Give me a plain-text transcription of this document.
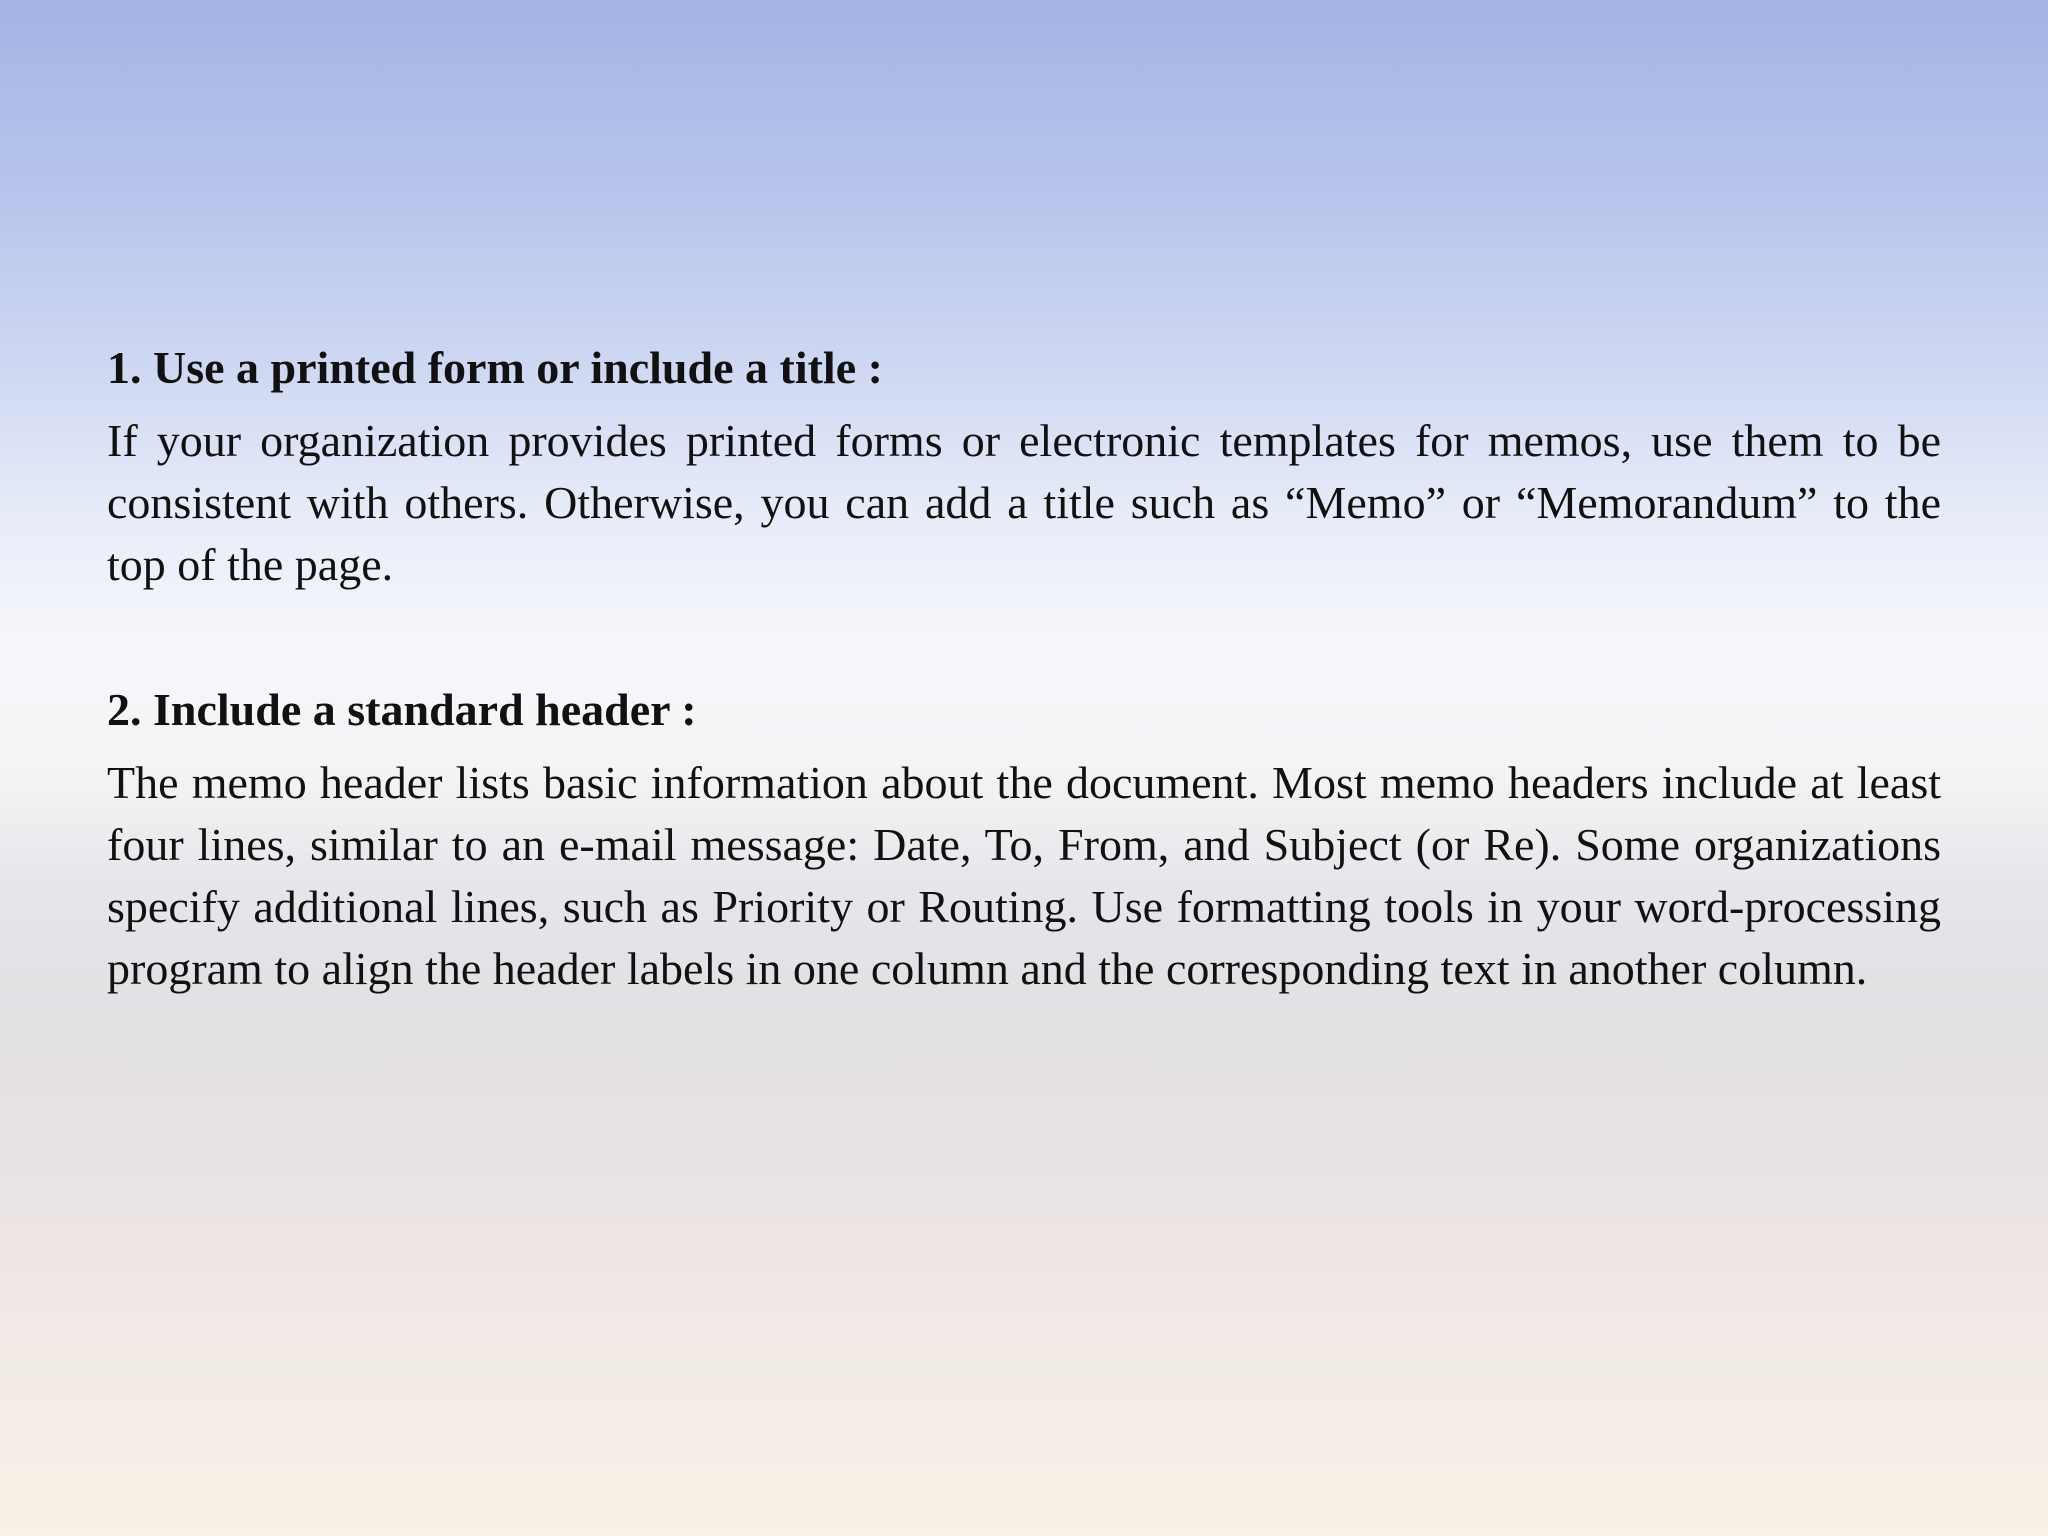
1. Use a printed form or include a title :

If your organization provides printed forms or electronic templates for memos, use them to be consistent with others. Otherwise, you can add a title such as “Memo” or “Memorandum” to the top of the page.

2. Include a standard header :

The memo header lists basic information about the document. Most memo headers include at least four lines, similar to an e-mail message: Date, To, From, and Subject (or Re). Some organizations specify additional lines, such as Priority or Routing. Use formatting tools in your word-processing program to align the header labels in one column and the corresponding text in another column.
